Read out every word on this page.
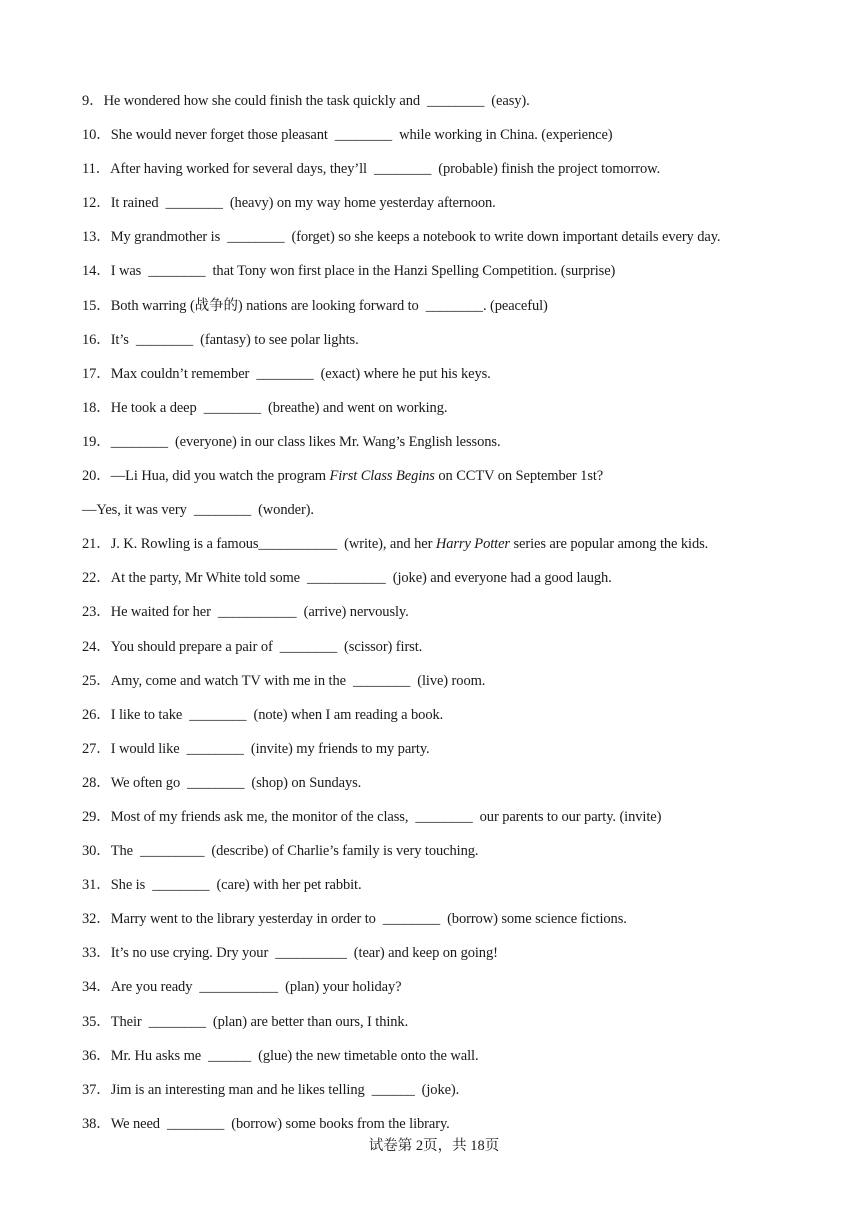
9．He wondered how she could finish the task quickly and  ________  (easy).
10．She would never forget those pleasant  ________  while working in China. (experience)
11．After having worked for several days, they’ll  ________  (probable) finish the project tomorrow.
12．It rained  ________  (heavy) on my way home yesterday afternoon.
13．My grandmother is  ________  (forget) so she keeps a notebook to write down important details every day.
14．I was  ________  that Tony won first place in the Hanzi Spelling Competition. (surprise)
15．Both warring (战争的) nations are looking forward to  ________. (peaceful)
16．It’s  ________  (fantasy) to see polar lights.
17．Max couldn’t remember  ________  (exact) where he put his keys.
18．He took a deep  ________  (breathe) and went on working.
19．________  (everyone) in our class likes Mr. Wang’s English lessons.
20．—Li Hua, did you watch the program First Class Begins on CCTV on September 1st?
—Yes, it was very  ________  (wonder).
21．J. K. Rowling is a famous___________  (write), and her Harry Potter series are popular among the kids.
22．At the party, Mr White told some  ___________  (joke) and everyone had a good laugh.
23．He waited for her  ___________  (arrive) nervously.
24．You should prepare a pair of  ________  (scissor) first.
25．Amy, come and watch TV with me in the  ________  (live) room.
26．I like to take  ________  (note) when I am reading a book.
27．I would like  ________  (invite) my friends to my party.
28．We often go  ________  (shop) on Sundays.
29．Most of my friends ask me, the monitor of the class,  ________  our parents to our party. (invite)
30．The  _________  (describe) of Charlie’s family is very touching.
31．She is  ________  (care) with her pet rabbit.
32．Marry went to the library yesterday in order to  ________  (borrow) some science fictions.
33．It’s no use crying. Dry your  __________  (tear) and keep on going!
34．Are you ready  ___________  (plan) your holiday?
35．Their  ________  (plan) are better than ours, I think.
36．Mr. Hu asks me  ______  (glue) the new timetable onto the wall.
37．Jim is an interesting man and he likes telling  ______  (joke).
38．We need  ________  (borrow) some books from the library.
试卷第 2页，共 18页
